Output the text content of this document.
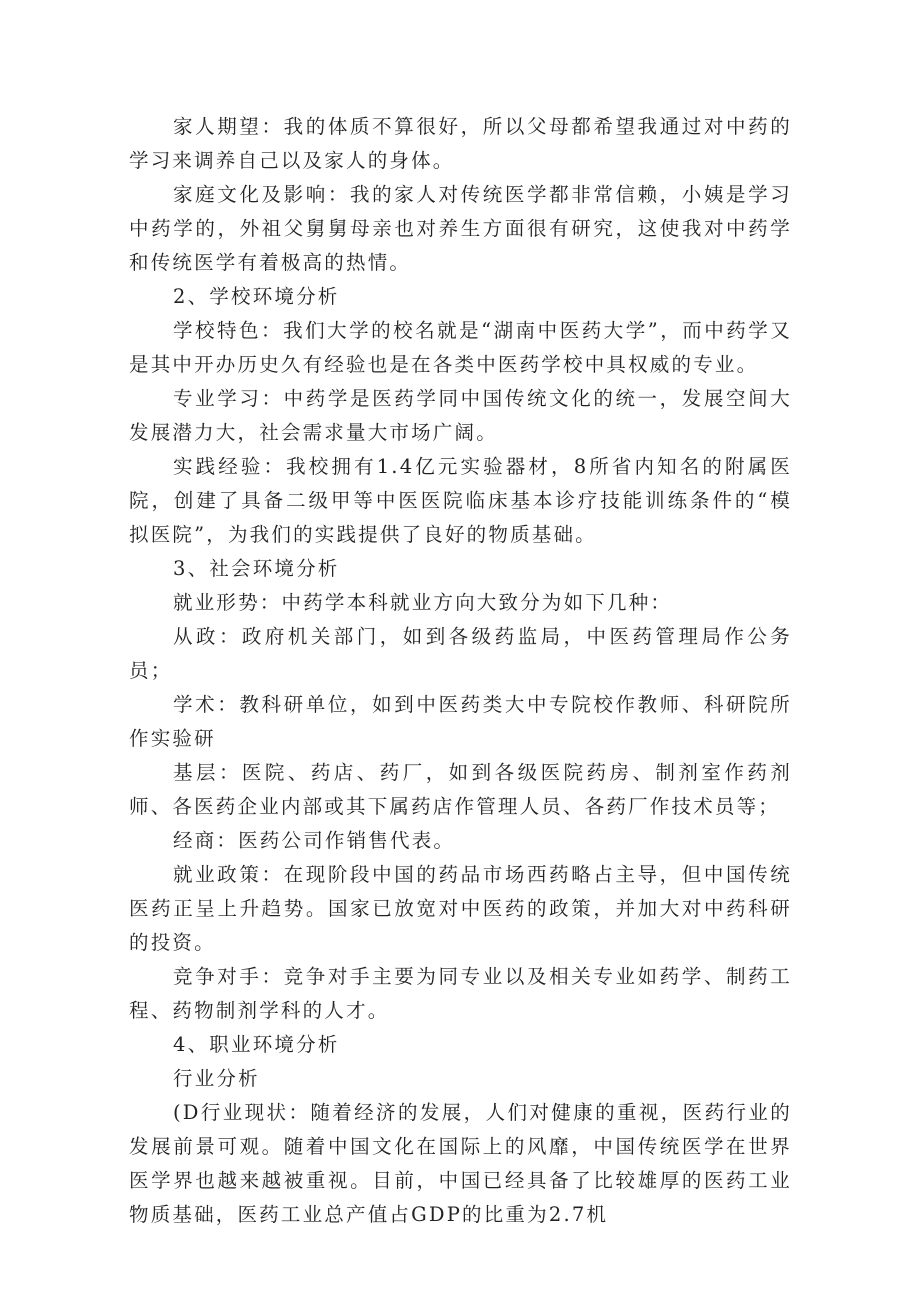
家人期望：我的体质不算很好，所以父母都希望我通过对中药的学习来调养自己以及家人的身体。

家庭文化及影响：我的家人对传统医学都非常信赖，小姨是学习中药学的，外祖父舅舅母亲也对养生方面很有研究，这使我对中药学和传统医学有着极高的热情。

2、学校环境分析

学校特色：我们大学的校名就是“湖南中医药大学”，而中药学又是其中开办历史久有经验也是在各类中医药学校中具权威的专业。

专业学习：中药学是医药学同中国传统文化的统一，发展空间大发展潜力大，社会需求量大市场广阔。

实践经验：我校拥有1.4亿元实验器材，8所省内知名的附属医院，创建了具备二级甲等中医医院临床基本诊疗技能训练条件的“模拟医院”，为我们的实践提供了良好的物质基础。

3、社会环境分析

就业形势：中药学本科就业方向大致分为如下几种：

从政：政府机关部门，如到各级药监局，中医药管理局作公务员；

学术：教科研单位，如到中医药类大中专院校作教师、科研院所作实验研

基层：医院、药店、药厂，如到各级医院药房、制剂室作药剂师、各医药企业内部或其下属药店作管理人员、各药厂作技术员等；

经商：医药公司作销售代表。

就业政策：在现阶段中国的药品市场西药略占主导，但中国传统医药正呈上升趋势。国家已放宽对中医药的政策，并加大对中药科研的投资。

竞争对手：竞争对手主要为同专业以及相关专业如药学、制药工程、药物制剂学科的人才。

4、职业环境分析

行业分析

(D行业现状：随着经济的发展，人们对健康的重视，医药行业的发展前景可观。随着中国文化在国际上的风靡，中国传统医学在世界医学界也越来越被重视。目前，中国已经具备了比较雄厚的医药工业物质基础，医药工业总产值占GDP的比重为2.7机
